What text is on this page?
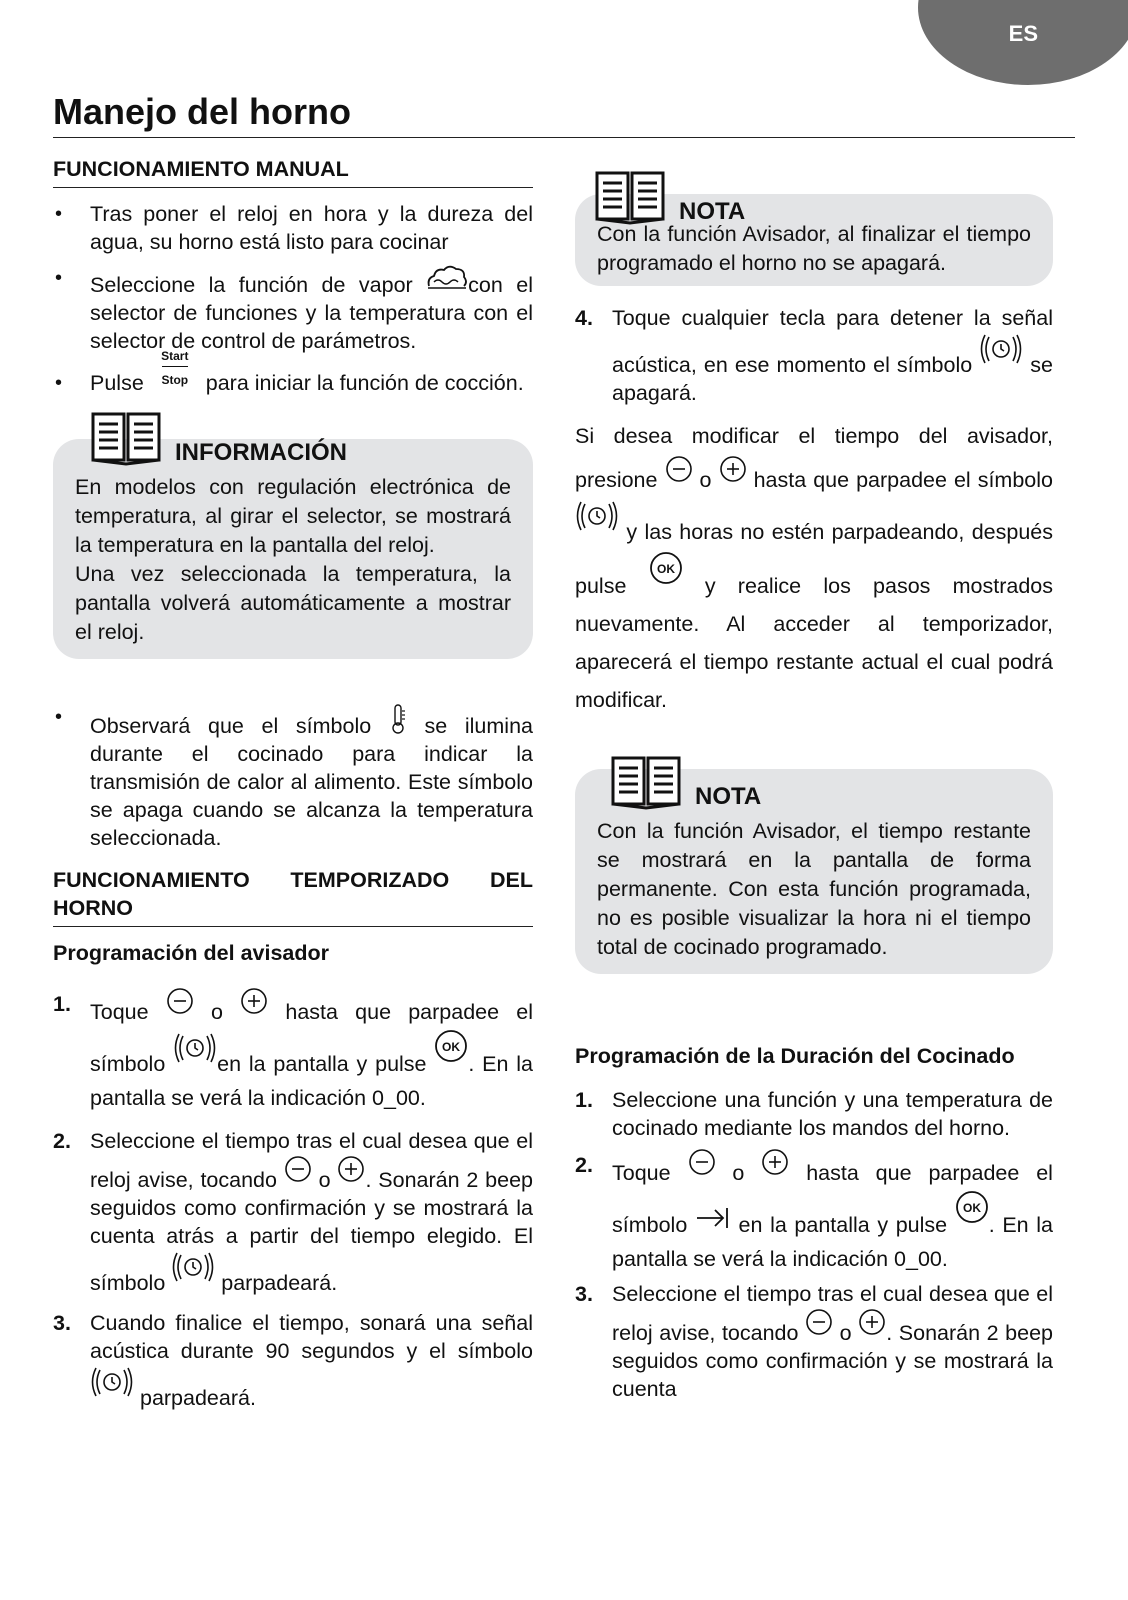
ES
Manejo del horno
FUNCIONAMIENTO MANUAL
• Tras poner el reloj en hora y la dureza del agua, su horno está listo para cocinar
• Seleccione la función de vapor	con el selector de funciones y la temperatura con el selector de control de parámetros.
• Pulse
Start
Stop para iniciar la función de cocción.
INFORMACIÓN
En modelos con regulación electrónica de temperatura, al girar el selector, se mostrará la temperatura en la pantalla del reloj.
Una vez seleccionada la temperatura, la pantalla volverá automáticamente a mostrar el reloj.
• Observará que el símbolo se ilumina durante el cocinado para indicar la transmisión de calor al alimento. Este símbolo se apaga cuando se alcanza la temperatura seleccionada.
FUNCIONAMIENTO TEMPORIZADO DEL HORNO
Programación del avisador
1. Toque	o	hasta que parpadee el símbolo en la pantalla y pulse
OK
. En la pantalla se verá la indicación 0_00.
2. Seleccione el tiempo tras el cual desea que el reloj avise, tocando o . Sonarán 2 beep seguidos como confirmación y se mostrará la cuenta atrás a partir del tiempo elegido. El símbolo	parpadeará.
3. Cuando finalice el tiempo, sonará una señal acústica durante 90 segundos y el símbolo  parpadeará.
NOTA
Con la función Avisador, al finalizar el tiempo programado el horno no se apagará.
4. Toque cualquier tecla para detener la señal acústica, en ese momento el símbolo	se apagará.
Si desea modificar el tiempo del avisador, presione o hasta que parpadee el símbolo  y las horas no estén parpadeando, después pulse
OK
y realice los pasos mostrados nuevamente. Al acceder al temporizador, aparecerá el tiempo restante actual el cual podrá modificar.
NOTA
Con la función Avisador, el tiempo restante se mostrará en la pantalla de forma permanente. Con esta función programada, no es posible visualizar la hora ni el tiempo total de cocinado programado.
Programación de la Duración del Cocinado
1. Seleccione una función y una temperatura de cocinado mediante los mandos del horno.
2. Toque	o	hasta que parpadee el símbolo en la pantalla y pulse
OK
. En la pantalla se verá la indicación 0_00.
3. Seleccione el tiempo tras el cual desea que el reloj avise, tocando o . Sonarán 2 beep seguidos como confirmación y se mostrará la cuenta
